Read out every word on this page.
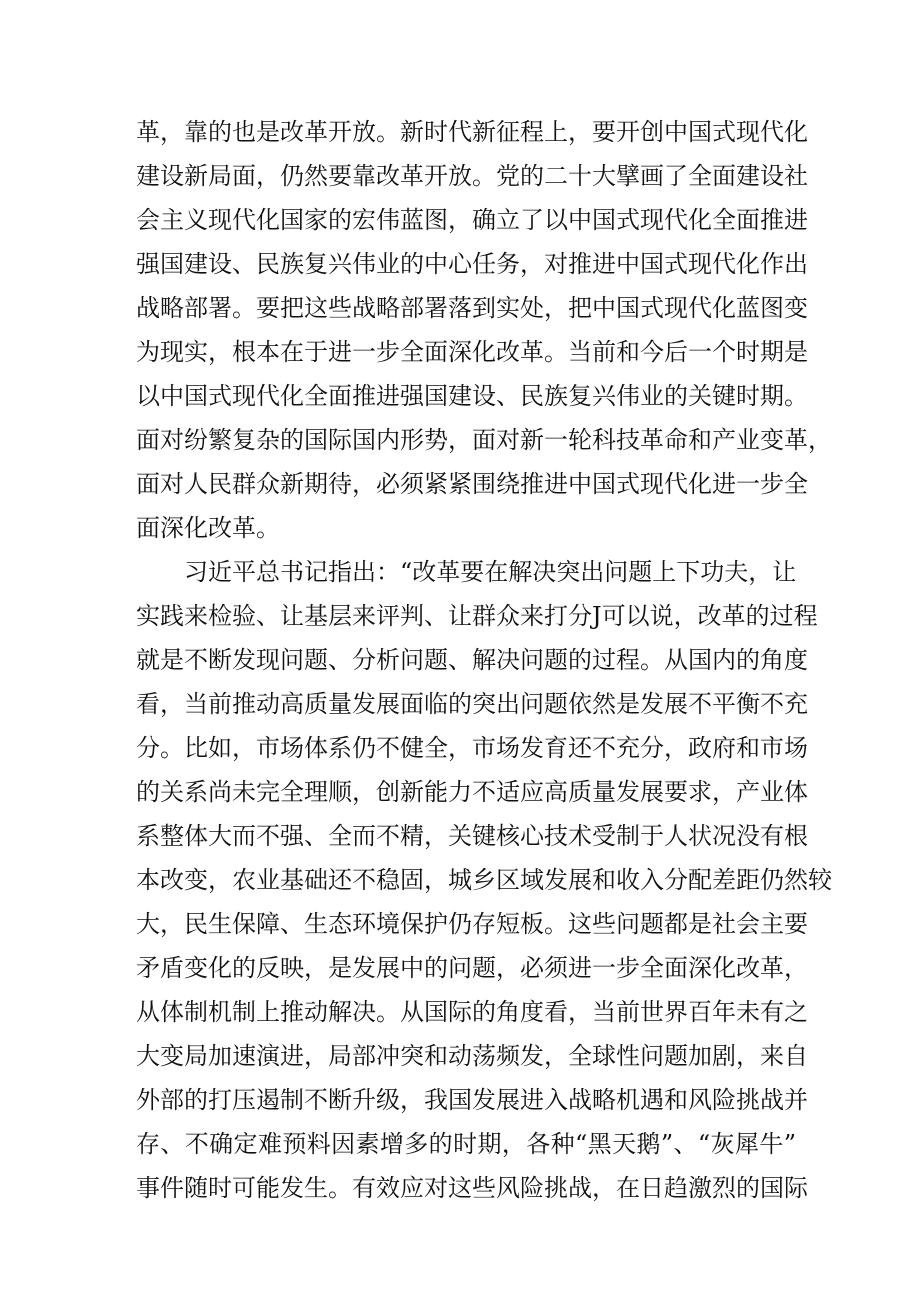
革，靠的也是改革开放。新时代新征程上，要开创中国式现代化
建设新局面，仍然要靠改革开放。党的二十大擘画了全面建设社
会主义现代化国家的宏伟蓝图，确立了以中国式现代化全面推进
强国建设、民族复兴伟业的中心任务，对推进中国式现代化作出
战略部署。要把这些战略部署落到实处，把中国式现代化蓝图变
为现实，根本在于进一步全面深化改革。当前和今后一个时期是
以中国式现代化全面推进强国建设、民族复兴伟业的关键时期。
面对纷繁复杂的国际国内形势，面对新一轮科技革命和产业变革，
面对人民群众新期待，必须紧紧围绕推进中国式现代化进一步全
面深化改革。
习近平总书记指出：“改革要在解决突出问题上下功夫，让
实践来检验、让基层来评判、让群众来打分J可以说，改革的过程
就是不断发现问题、分析问题、解决问题的过程。从国内的角度
看，当前推动高质量发展面临的突出问题依然是发展不平衡不充
分。比如，市场体系仍不健全，市场发育还不充分，政府和市场
的关系尚未完全理顺，创新能力不适应高质量发展要求，产业体
系整体大而不强、全而不精，关键核心技术受制于人状况没有根
本改变，农业基础还不稳固，城乡区域发展和收入分配差距仍然较
大，民生保障、生态环境保护仍存短板。这些问题都是社会主要
矛盾变化的反映，是发展中的问题，必须进一步全面深化改革，
从体制机制上推动解决。从国际的角度看，当前世界百年未有之
大变局加速演进，局部冲突和动荡频发，全球性问题加剧，来自
外部的打压遏制不断升级，我国发展进入战略机遇和风险挑战并
存、不确定难预料因素增多的时期，各种“黑天鹅”、“灰犀牛”
事件随时可能发生。有效应对这些风险挑战，在日趋激烈的国际
